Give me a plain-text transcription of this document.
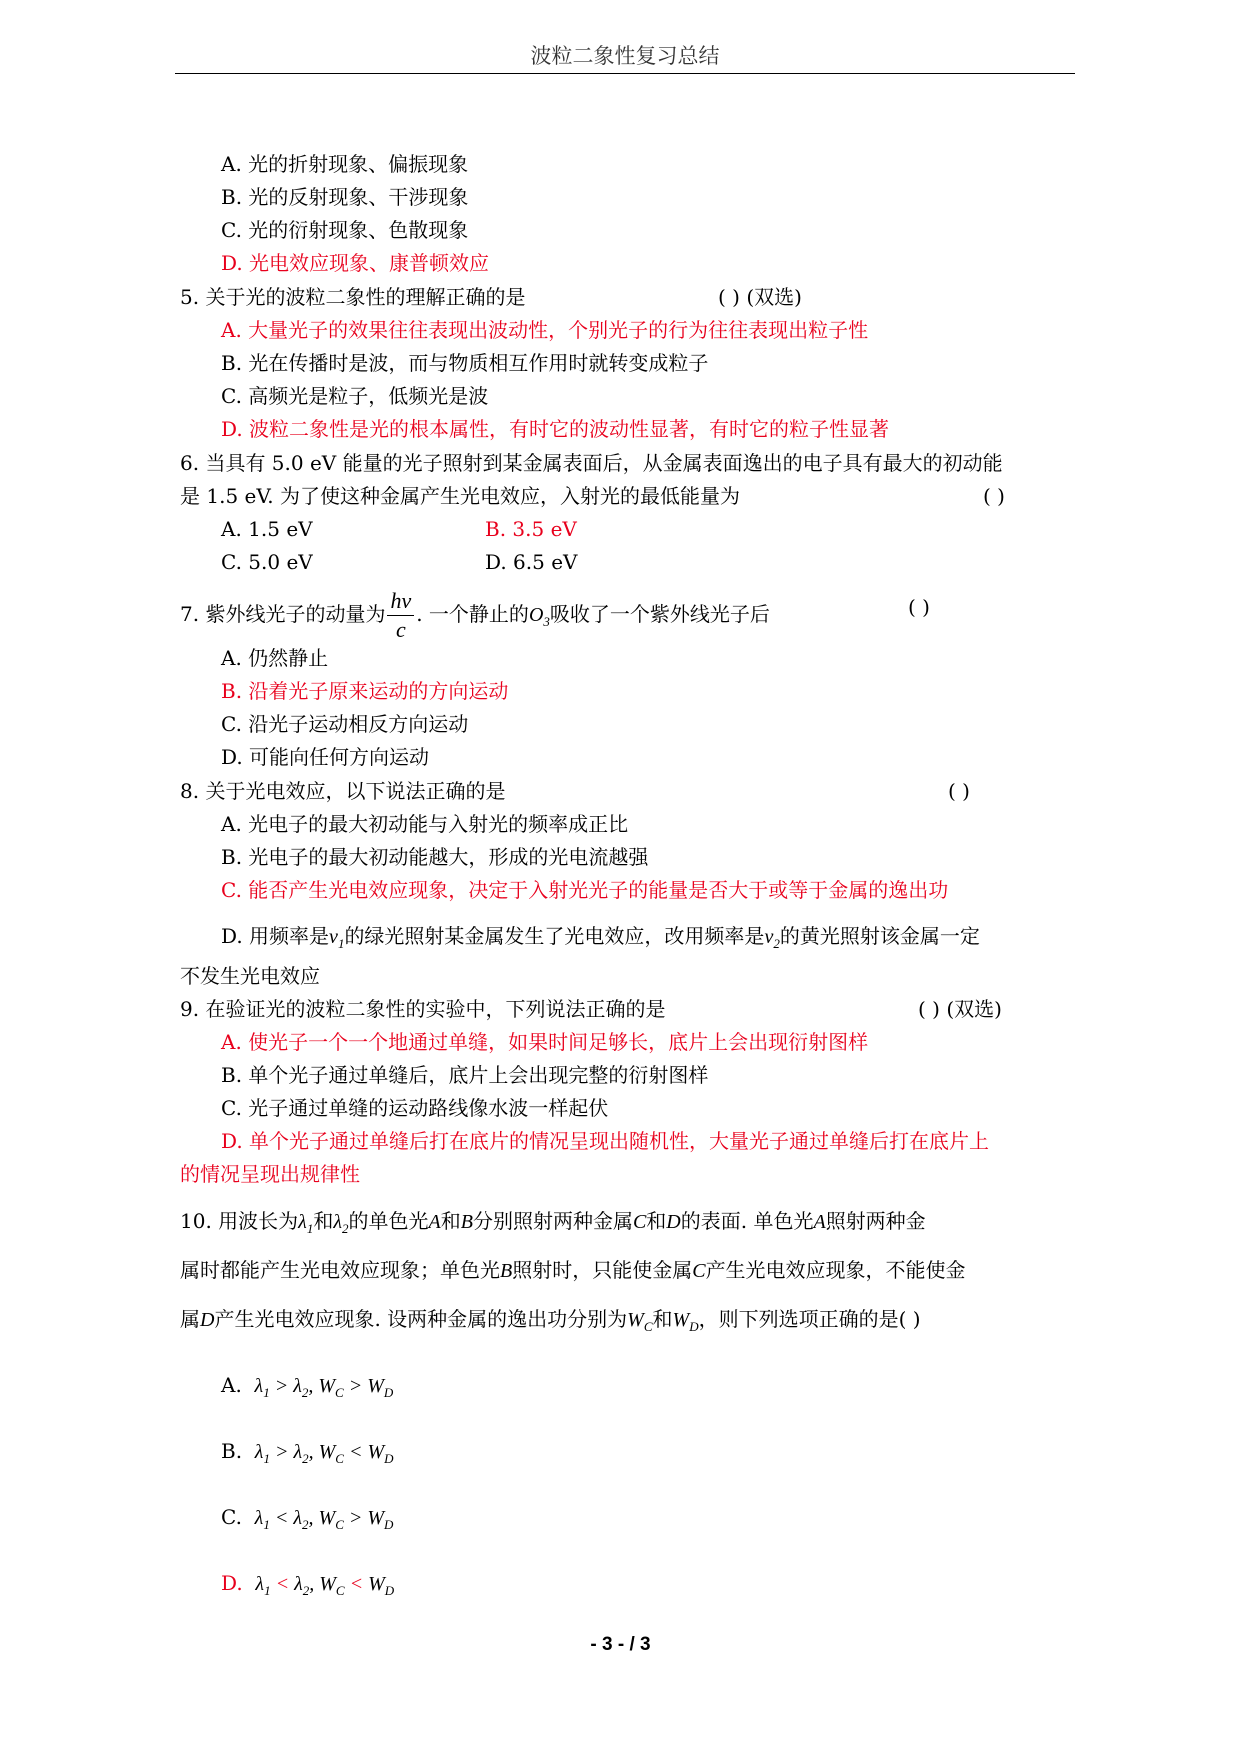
波粒二象性复习总结
A. 光的折射现象、偏振现象
B. 光的反射现象、干涉现象
C. 光的衍射现象、色散现象
D. 光电效应现象、康普顿效应
5. 关于光的波粒二象性的理解正确的是	( ) (双选)
A. 大量光子的效果往往表现出波动性，个别光子的行为往往表现出粒子性
B. 光在传播时是波，而与物质相互作用时就转变成粒子
C. 高频光是粒子，低频光是波
D. 波粒二象性是光的根本属性，有时它的波动性显著，有时它的粒子性显著
6. 当具有 5.0 eV 能量的光子照射到某金属表面后，从金属表面逸出的电子具有最大的初动能
是 1.5 eV. 为了使这种金属产生光电效应，入射光的最低能量为	( )
A. 1.5 eV	B. 3.5 eV
C. 5.0 eV	D. 6.5 eV
7. 紫外线光子的动量为 $\frac{hv}{c}$ . 一个静止的$O_3$吸收了一个紫外线光子后	( )
A. 仍然静止
B. 沿着光子原来运动的方向运动
C. 沿光子运动相反方向运动
D. 可能向任何方向运动
8. 关于光电效应，以下说法正确的是	( )
A. 光电子的最大初动能与入射光的频率成正比
B. 光电子的最大初动能越大，形成的光电流越强
C. 能否产生光电效应现象，决定于入射光光子的能量是否大于或等于金属的逸出功
D. 用频率是$v_1$的绿光照射某金属发生了光电效应，改用频率是$v_2$的黄光照射该金属一定
不发生光电效应
9. 在验证光的波粒二象性的实验中，下列说法正确的是	( ) (双选)
A. 使光子一个一个地通过单缝，如果时间足够长，底片上会出现衍射图样
B. 单个光子通过单缝后，底片上会出现完整的衍射图样
C. 光子通过单缝的运动路线像水波一样起伏
D. 单个光子通过单缝后打在底片的情况呈现出随机性，大量光子通过单缝后打在底片上
的情况呈现出规律性
10. 用波长为$\lambda_1$和$\lambda_2$的单色光A和B分别照射两种金属C和D的表面. 单色光A照射两种金
属时都能产生光电效应现象；单色光B照射时，只能使金属C产生光电效应现象，不能使金
属D产生光电效应现象. 设两种金属的逸出功分别为$W_C$和$W_D$，则下列选项正确的是( )
A. $\lambda_1 > \lambda_2$, $W_C > W_D$
B. $\lambda_1 > \lambda_2$, $W_C < W_D$
C. $\lambda_1 < \lambda_2$, $W_C > W_D$
D. $\lambda_1 < \lambda_2$, $W_C < W_D$
- 3 - / 3
